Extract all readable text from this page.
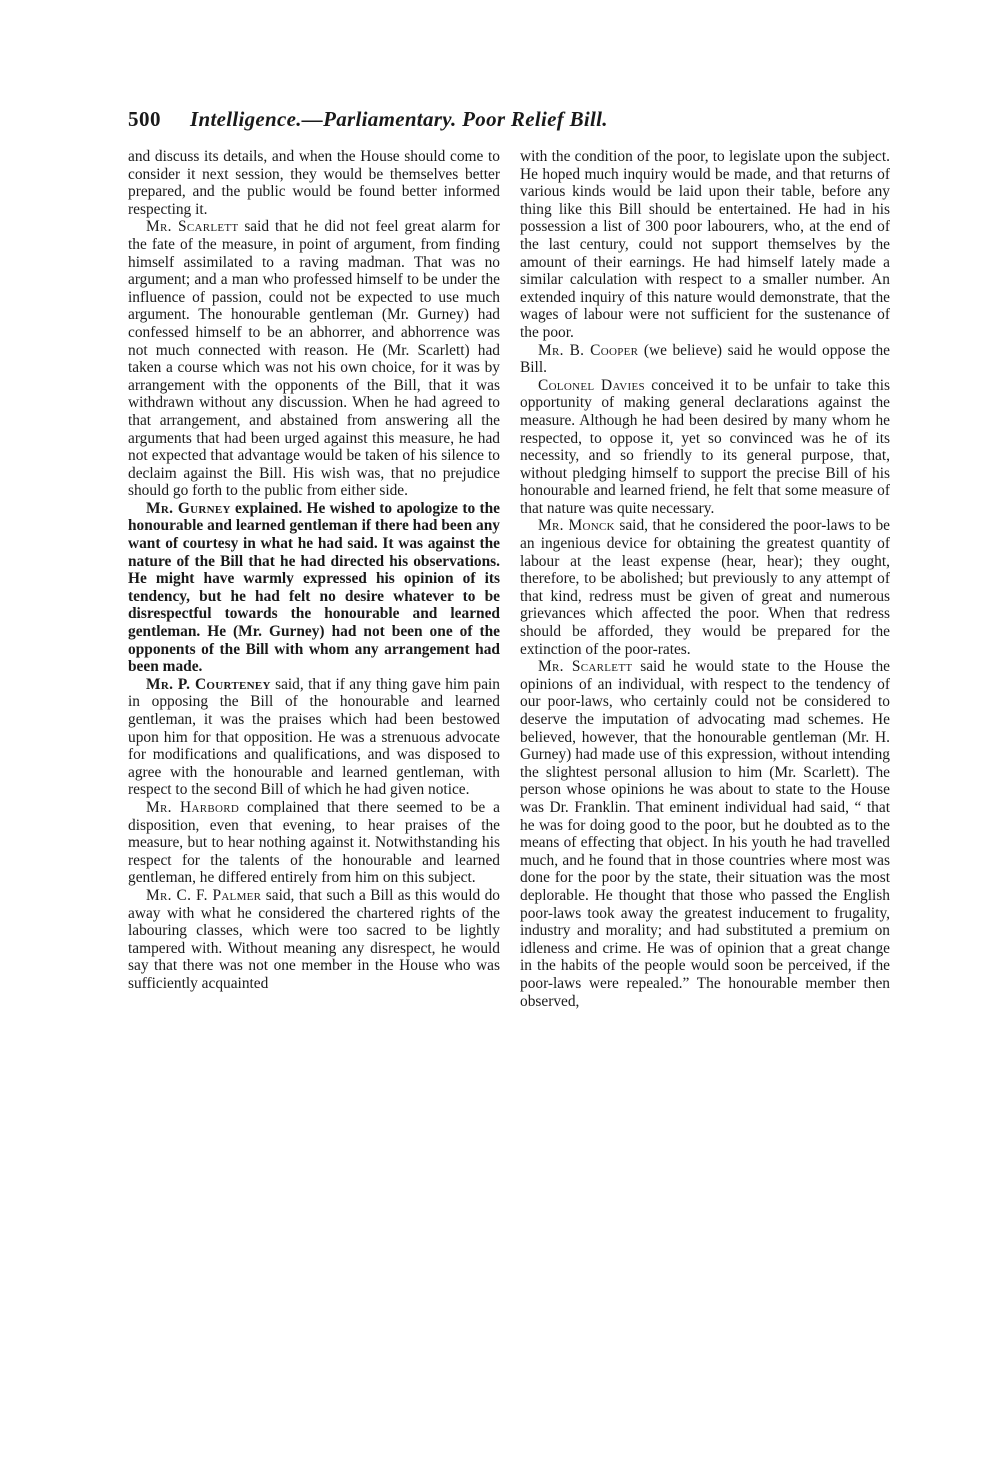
500 Intelligence.—Parliamentary. Poor Relief Bill.

and discuss its details, and when the House should come to consider it next session, they would be themselves better prepared, and the public would be found better informed respecting it.

Mr. Scarlett said that he did not feel great alarm for the fate of the measure, in point of argument, from finding himself assimilated to a raving madman. That was no argument; and a man who professed himself to be under the influence of passion, could not be expected to use much argument. The honourable gentleman (Mr. Gurney) had confessed himself to be an abhorrer, and abhorrence was not much connected with reason. He (Mr. Scarlett) had taken a course which was not his own choice, for it was by arrangement with the opponents of the Bill, that it was withdrawn without any discussion. When he had agreed to that arrangement, and abstained from answering all the arguments that had been urged against this measure, he had not expected that advantage would be taken of his silence to declaim against the Bill. His wish was, that no prejudice should go forth to the public from either side.

Mr. Gurney explained. He wished to apologize to the honourable and learned gentleman if there had been any want of courtesy in what he had said. It was against the nature of the Bill that he had directed his observations. He might have warmly expressed his opinion of its tendency, but he had felt no desire whatever to be disrespectful towards the honourable and learned gentleman. He (Mr. Gurney) had not been one of the opponents of the Bill with whom any arrangement had been made.

Mr. P. Courteney said, that if any thing gave him pain in opposing the Bill of the honourable and learned gentleman, it was the praises which had been bestowed upon him for that opposition. He was a strenuous advocate for modifications and qualifications, and was disposed to agree with the honourable and learned gentleman, with respect to the second Bill of which he had given notice.

Mr. Harbord complained that there seemed to be a disposition, even that evening, to hear praises of the measure, but to hear nothing against it. Notwithstanding his respect for the talents of the honourable and learned gentleman, he differed entirely from him on this subject.

Mr. C. F. Palmer said, that such a Bill as this would do away with what he considered the chartered rights of the labouring classes, which were too sacred to be lightly tampered with. Without meaning any disrespect, he would say that there was not one member in the House who was sufficiently acquainted

with the condition of the poor, to legislate upon the subject. He hoped much inquiry would be made, and that returns of various kinds would be laid upon their table, before any thing like this Bill should be entertained. He had in his possession a list of 300 poor labourers, who, at the end of the last century, could not support themselves by the amount of their earnings. He had himself lately made a similar calculation with respect to a smaller number. An extended inquiry of this nature would demonstrate, that the wages of labour were not sufficient for the sustenance of the poor.

Mr. B. Cooper (we believe) said he would oppose the Bill.

Colonel Davies conceived it to be unfair to take this opportunity of making general declarations against the measure. Although he had been desired by many whom he respected, to oppose it, yet so convinced was he of its necessity, and so friendly to its general purpose, that, without pledging himself to support the precise Bill of his honourable and learned friend, he felt that some measure of that nature was quite necessary.

Mr. Monck said, that he considered the poor-laws to be an ingenious device for obtaining the greatest quantity of labour at the least expense (hear, hear); they ought, therefore, to be abolished; but previously to any attempt of that kind, redress must be given of great and numerous grievances which affected the poor. When that redress should be afforded, they would be prepared for the extinction of the poor-rates.

Mr. Scarlett said he would state to the House the opinions of an individual, with respect to the tendency of our poor-laws, who certainly could not be considered to deserve the imputation of advocating mad schemes. He believed, however, that the honourable gentleman (Mr. H. Gurney) had made use of this expression, without intending the slightest personal allusion to him (Mr. Scarlett). The person whose opinions he was about to state to the House was Dr. Franklin. That eminent individual had said, “ that he was for doing good to the poor, but he doubted as to the means of effecting that object. In his youth he had travelled much, and he found that in those countries where most was done for the poor by the state, their situation was the most deplorable. He thought that those who passed the English poor-laws took away the greatest inducement to frugality, industry and morality; and had substituted a premium on idleness and crime. He was of opinion that a great change in the habits of the people would soon be perceived, if the poor-laws were repealed.” The honourable member then observed,
